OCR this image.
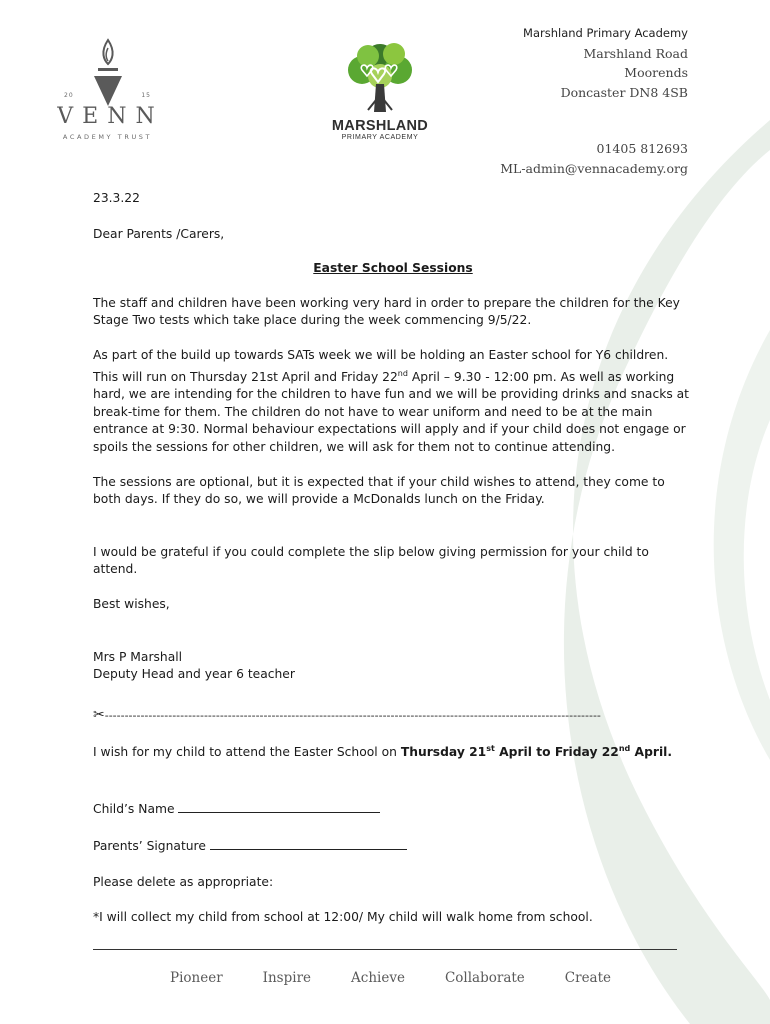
20	15
VENN
ACADEMY TRUST
MARSHLAND
PRIMARY ACADEMY
Marshland Primary Academy
Marshland Road
Moorends
Doncaster DN8 4SB
01405 812693
ML-admin@vennacademy.org

23.3.22

Dear Parents /Carers,

Easter School Sessions

The staff and children have been working very hard in order to prepare the children for the Key Stage Two tests which take place during the week commencing 9/5/22.

As part of the build up towards SATs week we will be holding an Easter school for Y6 children. This will run on Thursday 21st April and Friday 22nd April – 9.30 - 12:00 pm. As well as working hard, we are intending for the children to have fun and we will be providing drinks and snacks at break-time for them. The children do not have to wear uniform and need to be at the main entrance at 9:30. Normal behaviour expectations will apply and if your child does not engage or spoils the sessions for other children, we will ask for them not to continue attending.

The sessions are optional, but it is expected that if your child wishes to attend, they come to both days. If they do so, we will provide a McDonalds lunch on the Friday.

I would be grateful if you could complete the slip below giving permission for your child to attend.

Best wishes,

Mrs P Marshall

Deputy Head and year 6 teacher

✂-----------------------------------------------------------------------------------------------------------------------------

I wish for my child to attend the Easter School on Thursday 21st April to Friday 22nd April.

Child’s Name

Parents’ Signature

Please delete as appropriate:

*I will collect my child from school at 12:00/ My child will walk home from school.

Pioneer	Inspire	Achieve	Collaborate	Create
